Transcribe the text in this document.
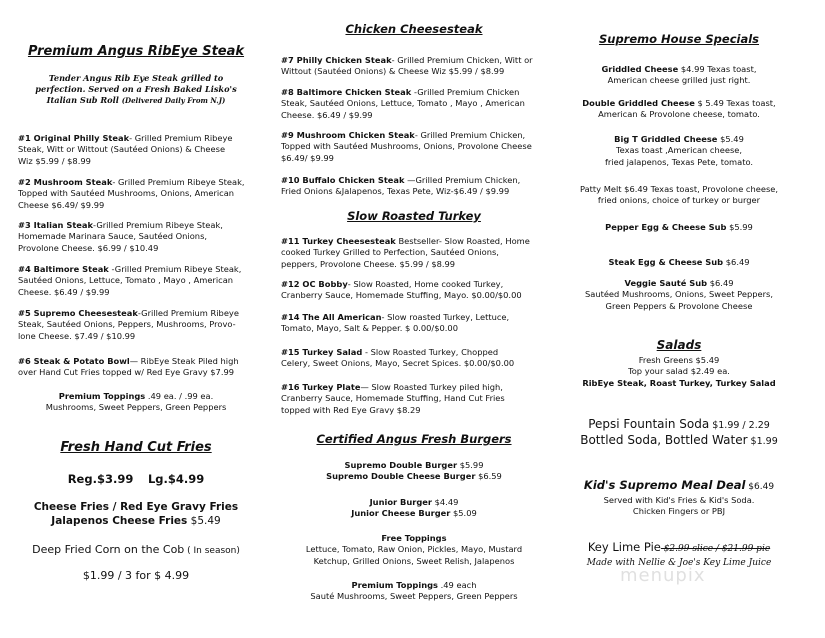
Premium Angus RibEye Steak

Tender Angus Rib Eye Steak grilled to
perfection. Served on a Fresh Baked Lisko's
Italian Sub Roll (Delivered Daily From N.J)

#1 Original Philly Steak- Grilled Premium Ribeye

Steak, Witt or Wittout (Sautéed Onions) & Cheese

Wiz $5.99 / $8.99

#2 Mushroom Steak- Grilled Premium Ribeye Steak,

Topped with Sautéed Mushrooms, Onions, American

Cheese $6.49/ $9.99

#3 Italian Steak-Grilled Premium Ribeye Steak,

Homemade Marinara Sauce, Sautéed Onions,

Provolone Cheese. $6.99 / $10.49

#4 Baltimore Steak -Grilled Premium Ribeye Steak,

Sautéed Onions, Lettuce, Tomato , Mayo , American

Cheese. $6.49 / $9.99

#5 Supremo Cheesesteak-Grilled Premium Ribeye

Steak, Sautéed Onions, Peppers, Mushrooms, Provo-

lone Cheese. $7.49 / $10.99

#6 Steak & Potato Bowl— RibEye Steak Piled high

over Hand Cut Fries topped w/ Red Eye Gravy $7.99

Premium Toppings .49 ea. / .99 ea.

Mushrooms, Sweet Peppers, Green Peppers

Fresh Hand Cut Fries

Reg.$3.99 Lg.$4.99
Cheese Fries / Red Eye Gravy Fries
Jalapenos Cheese Fries $5.49
Deep Fried Corn on the Cob ( In season)
$1.99 / 3 for $ 4.99

Chicken Cheesesteak

#7 Philly Chicken Steak- Grilled Premium Chicken, Witt or

Wittout (Sautéed Onions) & Cheese Wiz $5.99 / $8.99

#8 Baltimore Chicken Steak -Grilled Premium Chicken

Steak, Sautéed Onions, Lettuce, Tomato , Mayo , American

Cheese. $6.49 / $9.99

#9 Mushroom Chicken Steak- Grilled Premium Chicken,

Topped with Sautéed Mushrooms, Onions, Provolone Cheese

$6.49/ $9.99

#10 Buffalo Chicken Steak —Grilled Premium Chicken,

Fried Onions &Jalapenos, Texas Pete, Wiz-$6.49 / $9.99

Slow Roasted Turkey

#11 Turkey Cheesesteak Bestseller- Slow Roasted, Home

cooked Turkey Grilled to Perfection, Sautéed Onions,

peppers, Provolone Cheese. $5.99 / $8.99

#12 OC Bobby- Slow Roasted, Home cooked Turkey,

Cranberry Sauce, Homemade Stuffing, Mayo. $0.00/$0.00

#14 The All American- Slow roasted Turkey, Lettuce,

Tomato, Mayo, Salt & Pepper. $ 0.00/$0.00

#15 Turkey Salad - Slow Roasted Turkey, Chopped

Celery, Sweet Onions, Mayo, Secret Spices. $0.00/$0.00

#16 Turkey Plate— Slow Roasted Turkey piled high,

Cranberry Sauce, Homemade Stuffing, Hand Cut Fries

topped with Red Eye Gravy $8.29

Certified Angus Fresh Burgers

Supremo Double Burger $5.99

Supremo Double Cheese Burger $6.59

Junior Burger $4.49

Junior Cheese Burger $5.09

Free Toppings

Lettuce, Tomato, Raw Onion, Pickles, Mayo, Mustard

Ketchup, Grilled Onions, Sweet Relish, Jalapenos

Premium Toppings .49 each

Sauté Mushrooms, Sweet Peppers, Green Peppers

Supremo House Specials

Griddled Cheese $4.99 Texas toast,

American cheese grilled just right.

Double Griddled Cheese $ 5.49 Texas toast,

American & Provolone cheese, tomato.

Big T Griddled Cheese $5.49

Texas toast ,American cheese,

fried jalapenos, Texas Pete, tomato.

Patty Melt $6.49 Texas toast, Provolone cheese,

fried onions, choice of turkey or burger

Pepper Egg & Cheese Sub $5.99

Steak Egg & Cheese Sub $6.49

Veggie Sauté Sub $6.49

Sautéed Mushrooms, Onions, Sweet Peppers,

Green Peppers & Provolone Cheese

Salads

Fresh Greens $5.49

Top your salad $2.49 ea.

RibEye Steak, Roast Turkey, Turkey Salad

Pepsi Fountain Soda $1.99 / 2.29
Bottled Soda, Bottled Water $1.99
Kid's Supremo Meal Deal $6.49

Served with Kid's Fries & Kid's Soda.

Chicken Fingers or PBJ

Key Lime Pie $2.99 slice / $21.99 pie
Made with Nellie & Joe's Key Lime Juice
menupix
